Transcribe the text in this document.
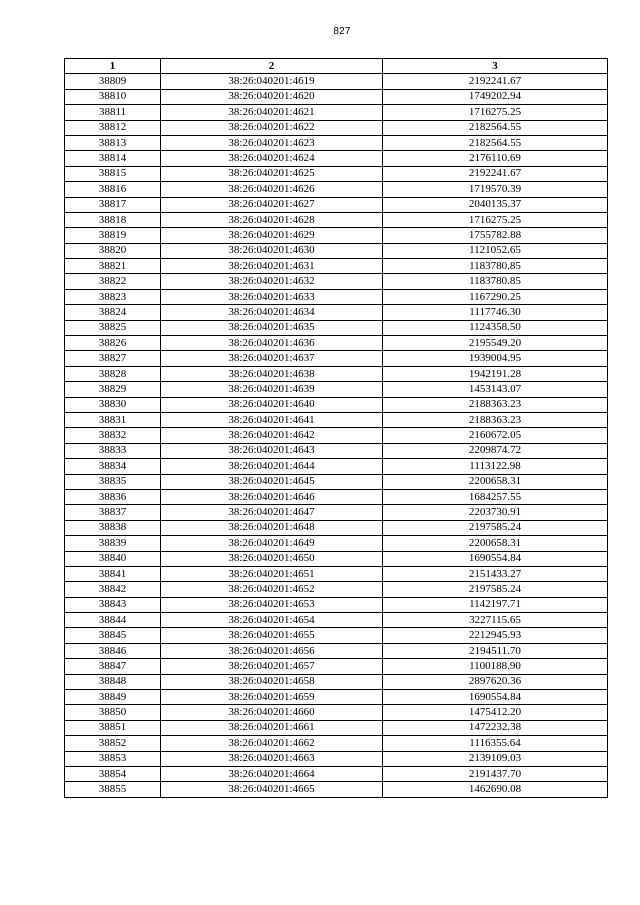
827
1	2	3
38809	38:26:040201:4619	2192241.67
38810	38:26:040201:4620	1749202.94
38811	38:26:040201:4621	1716275.25
38812	38:26:040201:4622	2182564.55
38813	38:26:040201:4623	2182564.55
38814	38:26:040201:4624	2176110.69
38815	38:26:040201:4625	2192241.67
38816	38:26:040201:4626	1719570.39
38817	38:26:040201:4627	2040135.37
38818	38:26:040201:4628	1716275.25
38819	38:26:040201:4629	1755782.88
38820	38:26:040201:4630	1121052.65
38821	38:26:040201:4631	1183780.85
38822	38:26:040201:4632	1183780.85
38823	38:26:040201:4633	1167290.25
38824	38:26:040201:4634	1117746.30
38825	38:26:040201:4635	1124358.50
38826	38:26:040201:4636	2195549.20
38827	38:26:040201:4637	1939004.95
38828	38:26:040201:4638	1942191.28
38829	38:26:040201:4639	1453143.07
38830	38:26:040201:4640	2188363.23
38831	38:26:040201:4641	2188363.23
38832	38:26:040201:4642	2160672.05
38833	38:26:040201:4643	2209874.72
38834	38:26:040201:4644	1113122.98
38835	38:26:040201:4645	2200658.31
38836	38:26:040201:4646	1684257.55
38837	38:26:040201:4647	2203730.91
38838	38:26:040201:4648	2197585.24
38839	38:26:040201:4649	2200658.31
38840	38:26:040201:4650	1690554.84
38841	38:26:040201:4651	2151433.27
38842	38:26:040201:4652	2197585.24
38843	38:26:040201:4653	1142197.71
38844	38:26:040201:4654	3227115.65
38845	38:26:040201:4655	2212945.93
38846	38:26:040201:4656	2194511.70
38847	38:26:040201:4657	1100188.90
38848	38:26:040201:4658	2897620.36
38849	38:26:040201:4659	1690554.84
38850	38:26:040201:4660	1475412.20
38851	38:26:040201:4661	1472232.38
38852	38:26:040201:4662	1116355.64
38853	38:26:040201:4663	2139109.03
38854	38:26:040201:4664	2191437.70
38855	38:26:040201:4665	1462690.08
